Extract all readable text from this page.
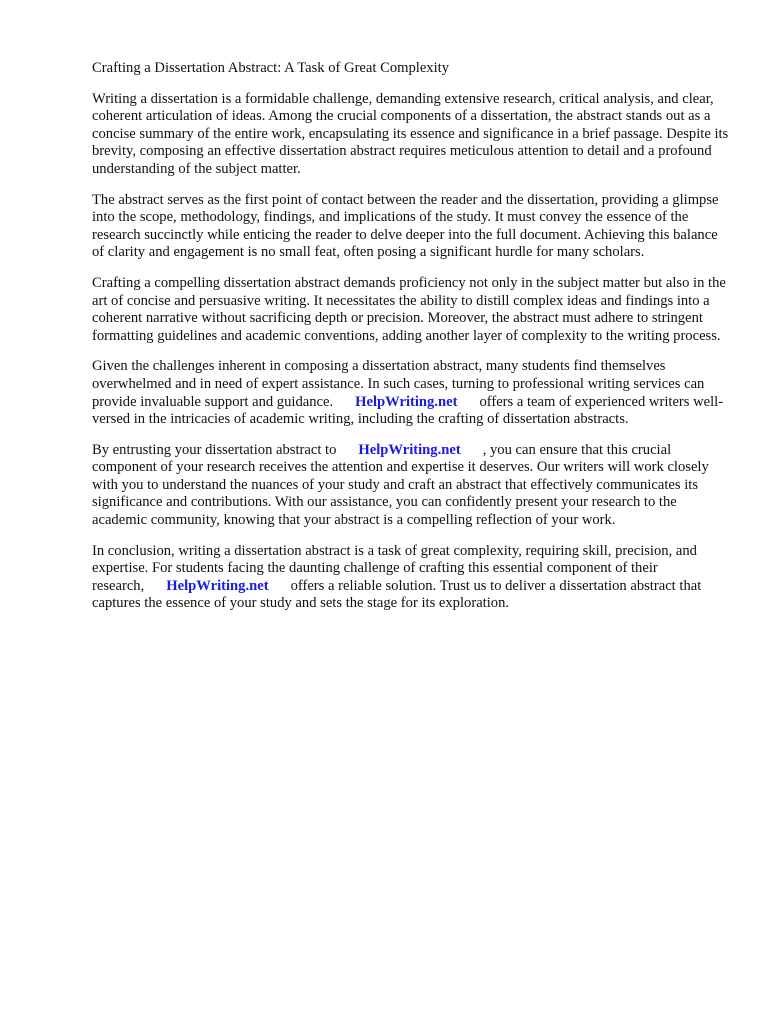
Crafting a Dissertation Abstract: A Task of Great Complexity

Writing a dissertation is a formidable challenge, demanding extensive research, critical analysis, and clear, coherent articulation of ideas. Among the crucial components of a dissertation, the abstract stands out as a concise summary of the entire work, encapsulating its essence and significance in a brief passage. Despite its brevity, composing an effective dissertation abstract requires meticulous attention to detail and a profound understanding of the subject matter.

The abstract serves as the first point of contact between the reader and the dissertation, providing a glimpse into the scope, methodology, findings, and implications of the study. It must convey the essence of the research succinctly while enticing the reader to delve deeper into the full document. Achieving this balance of clarity and engagement is no small feat, often posing a significant hurdle for many scholars.

Crafting a compelling dissertation abstract demands proficiency not only in the subject matter but also in the art of concise and persuasive writing. It necessitates the ability to distill complex ideas and findings into a coherent narrative without sacrificing depth or precision. Moreover, the abstract must adhere to stringent formatting guidelines and academic conventions, adding another layer of complexity to the writing process.

Given the challenges inherent in composing a dissertation abstract, many students find themselves overwhelmed and in need of expert assistance. In such cases, turning to professional writing services can provide invaluable support and guidance. HelpWriting.net offers a team of experienced writers well-versed in the intricacies of academic writing, including the crafting of dissertation abstracts.

By entrusting your dissertation abstract to HelpWriting.net , you can ensure that this crucial component of your research receives the attention and expertise it deserves. Our writers will work closely with you to understand the nuances of your study and craft an abstract that effectively communicates its significance and contributions. With our assistance, you can confidently present your research to the academic community, knowing that your abstract is a compelling reflection of your work.

In conclusion, writing a dissertation abstract is a task of great complexity, requiring skill, precision, and expertise. For students facing the daunting challenge of crafting this essential component of their research, HelpWriting.net offers a reliable solution. Trust us to deliver a dissertation abstract that captures the essence of your study and sets the stage for its exploration.
